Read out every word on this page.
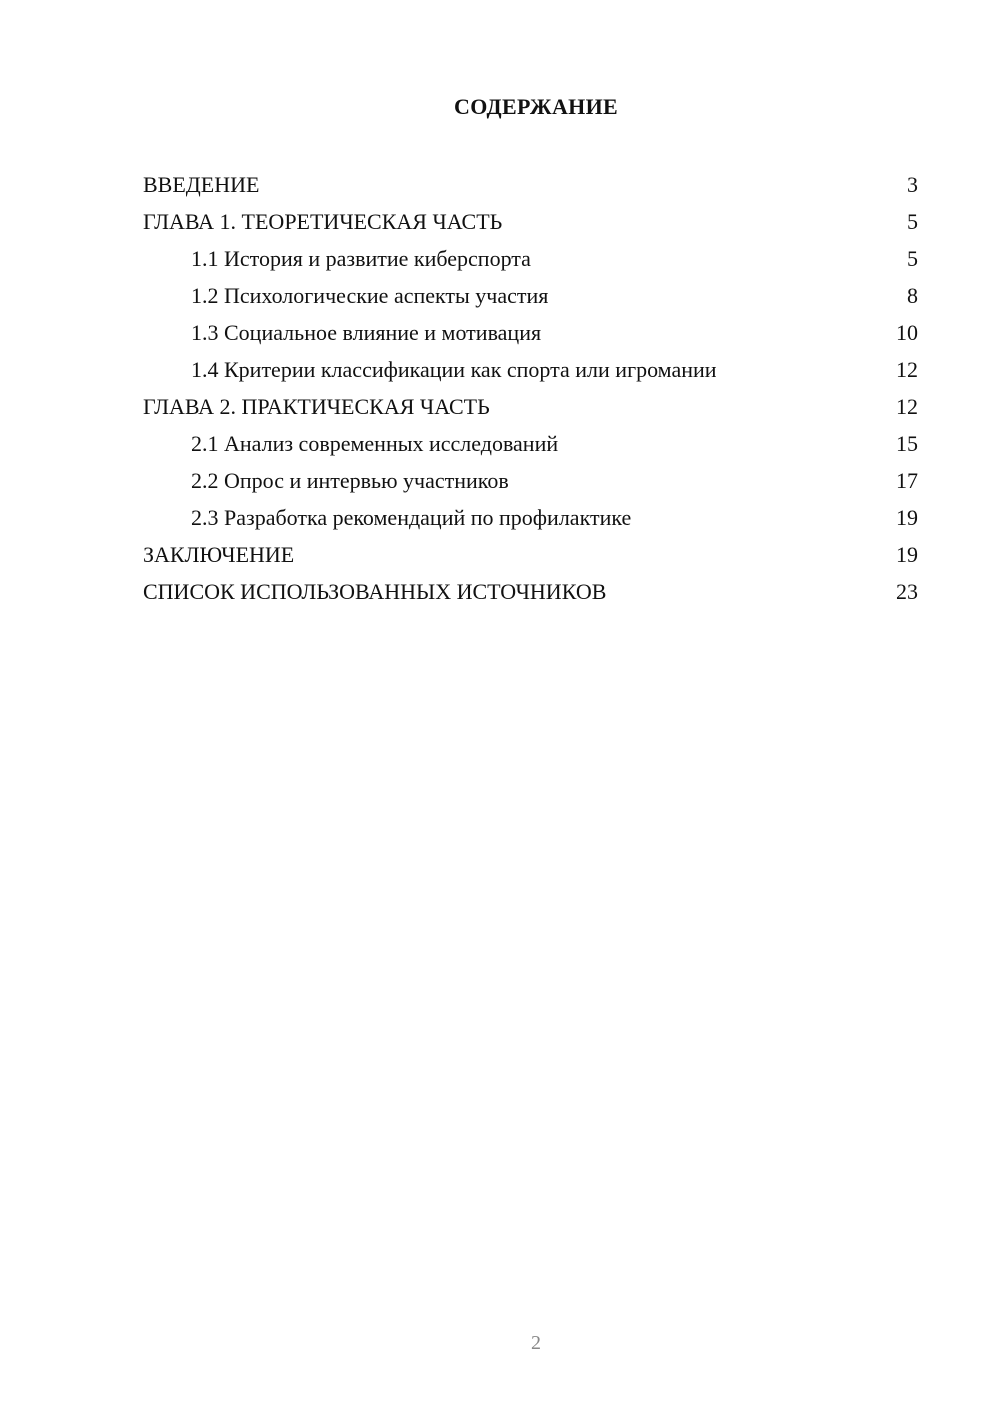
СОДЕРЖАНИЕ
ВВЕДЕНИЕ	3
ГЛАВА 1. ТЕОРЕТИЧЕСКАЯ ЧАСТЬ	5
1.1 История и развитие киберспорта	5
1.2 Психологические аспекты участия	8
1.3 Социальное влияние и мотивация	10
1.4 Критерии классификации как спорта или игромании	12
ГЛАВА 2. ПРАКТИЧЕСКАЯ ЧАСТЬ	12
2.1 Анализ современных исследований	15
2.2 Опрос и интервью участников	17
2.3 Разработка рекомендаций по профилактике	19
ЗАКЛЮЧЕНИЕ	19
СПИСОК ИСПОЛЬЗОВАННЫХ ИСТОЧНИКОВ	23
2
